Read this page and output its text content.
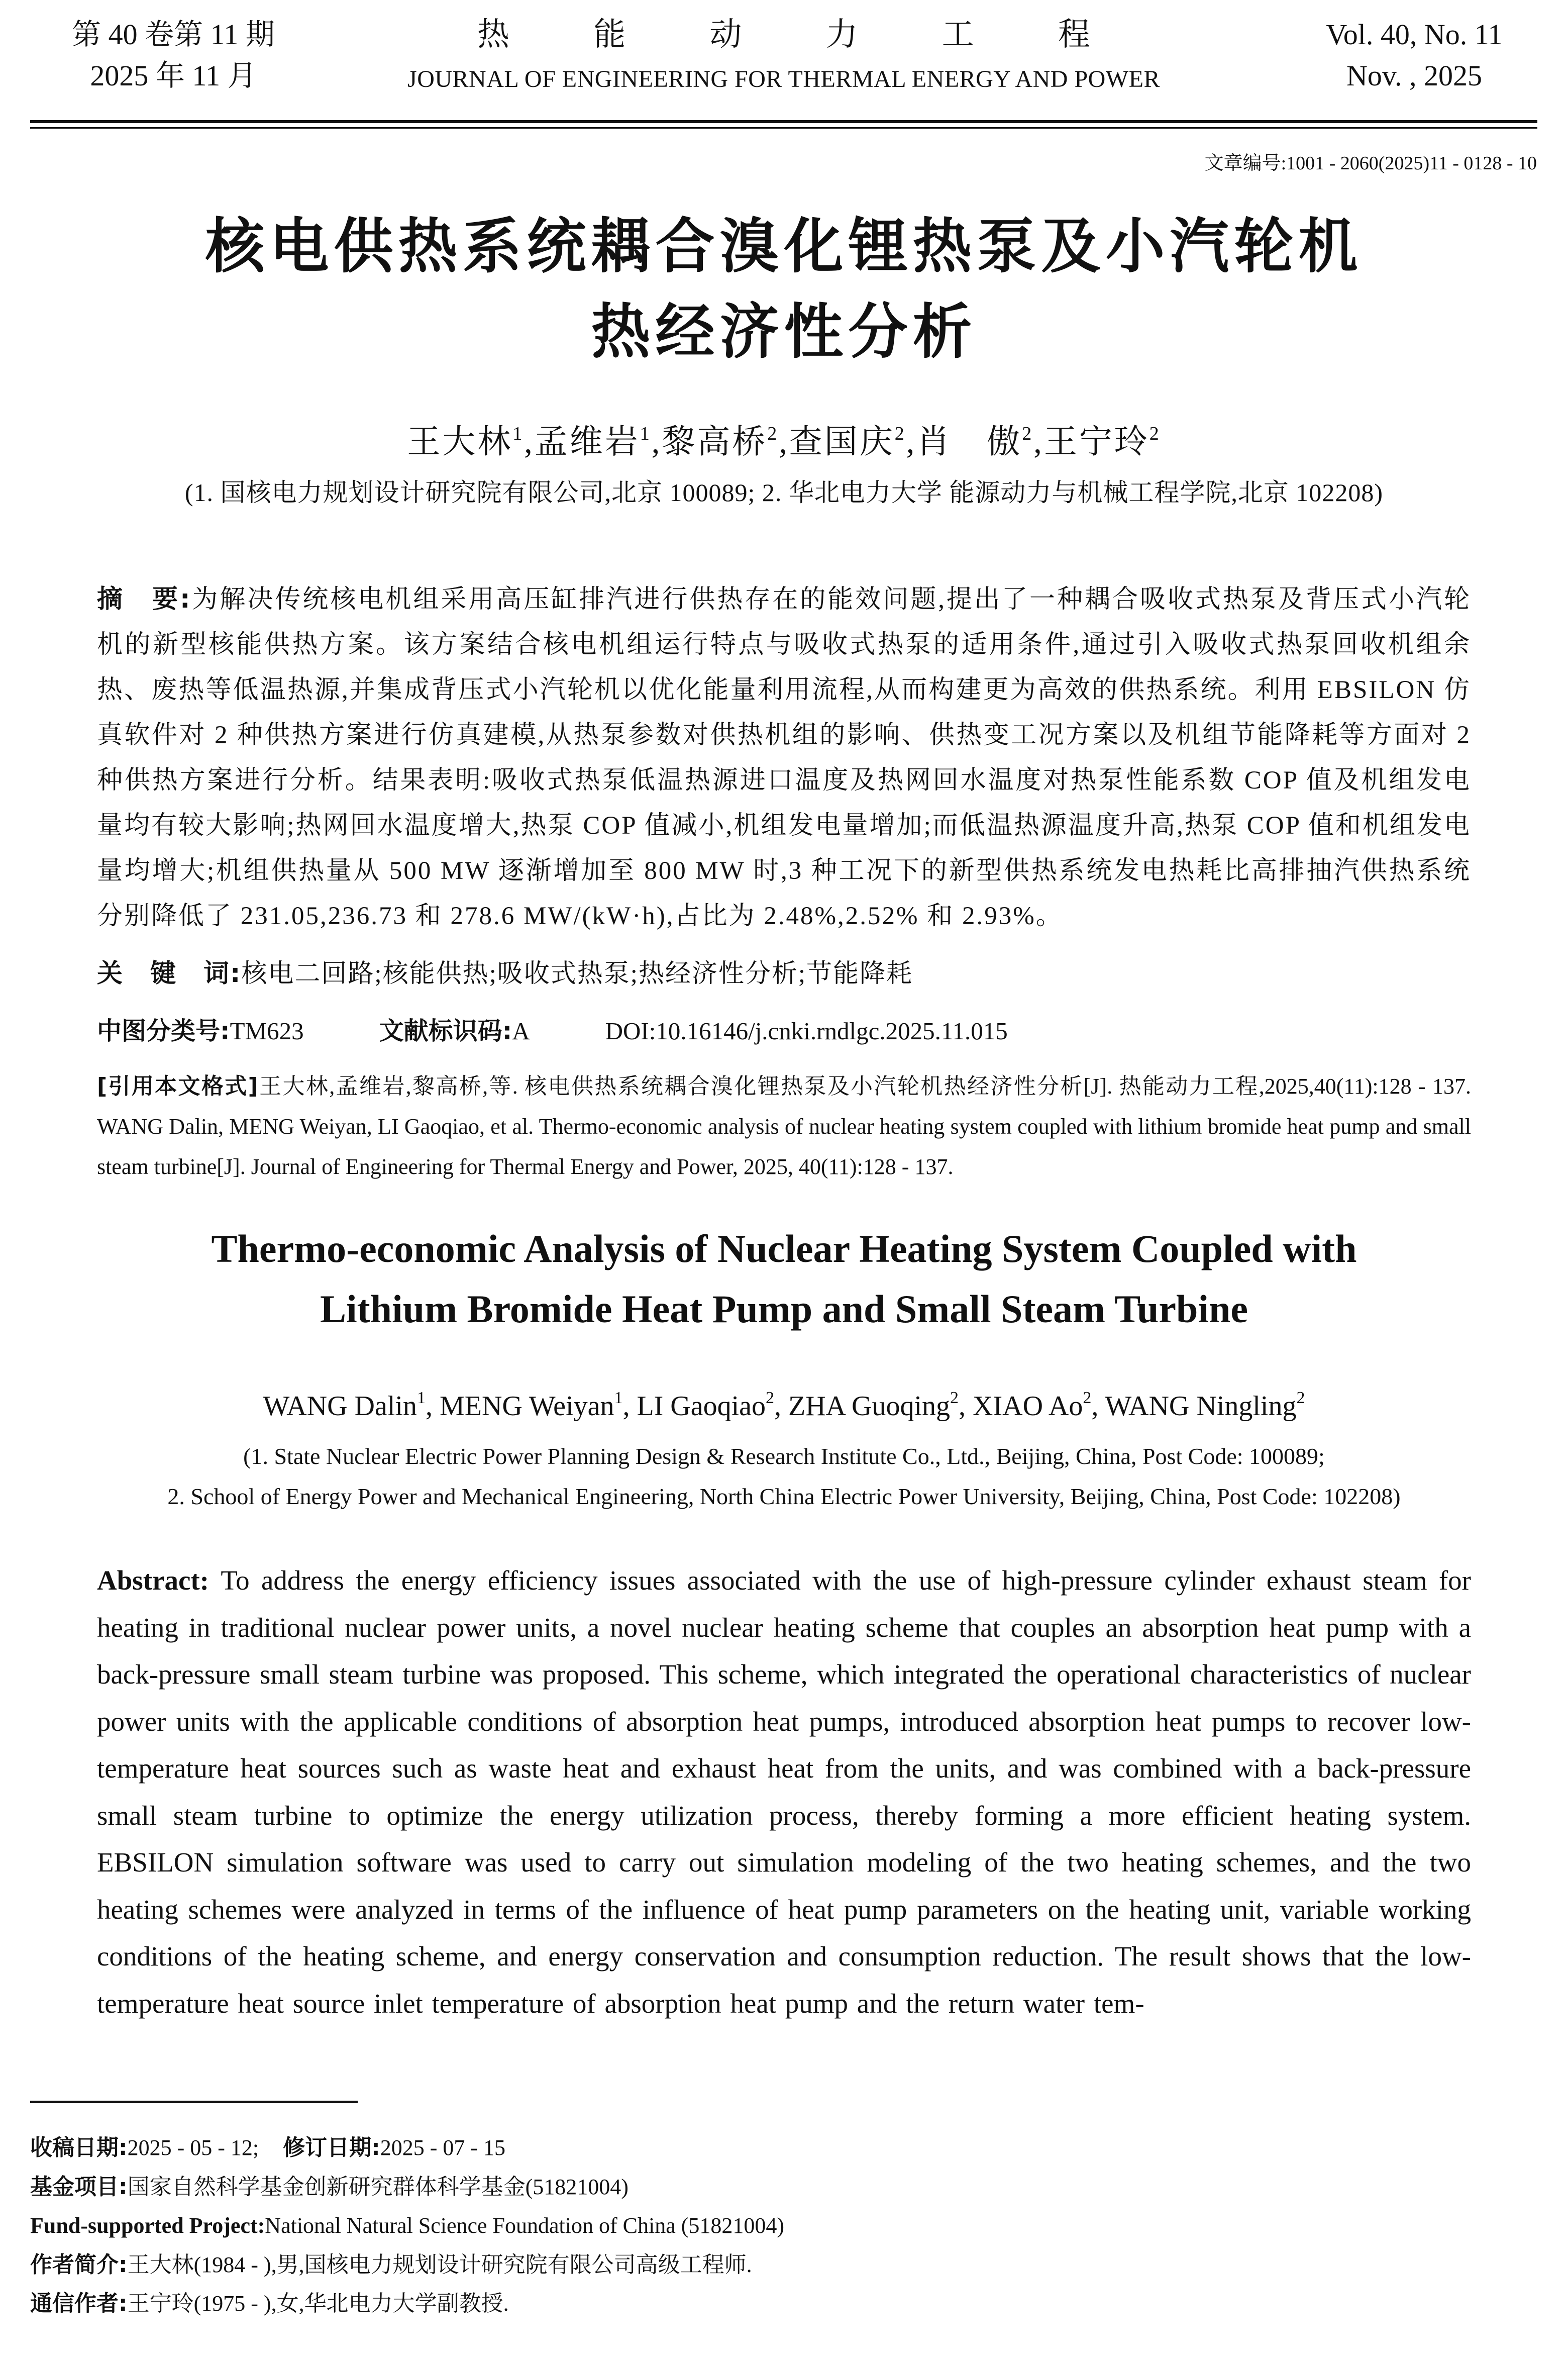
第 40 卷第 11 期
2025 年 11 月
热	能	动	力	工	程
JOURNAL OF ENGINEERING FOR THERMAL ENERGY AND POWER
Vol. 40, No. 11
Nov. , 2025
文章编号:1001 - 2060(2025)11 - 0128 - 10
核电供热系统耦合溴化锂热泵及小汽轮机
热经济性分析
王大林$^1$,孟维岩$^1$,黎高桥$^2$,查国庆$^2$,肖　傲$^2$,王宁玲$^2$
(1. 国核电力规划设计研究院有限公司,北京 100089; 2. 华北电力大学 能源动力与机械工程学院,北京 102208)
摘　要:为解决传统核电机组采用高压缸排汽进行供热存在的能效问题,提出了一种耦合吸收式热泵及背压式小汽轮机的新型核能供热方案。该方案结合核电机组运行特点与吸收式热泵的适用条件,通过引入吸收式热泵回收机组余热、废热等低温热源,并集成背压式小汽轮机以优化能量利用流程,从而构建更为高效的供热系统。利用 EBSILON 仿真软件对 2 种供热方案进行仿真建模,从热泵参数对供热机组的影响、供热变工况方案以及机组节能降耗等方面对 2 种供热方案进行分析。结果表明:吸收式热泵低温热源进口温度及热网回水温度对热泵性能系数 COP 值及机组发电量均有较大影响;热网回水温度增大,热泵 COP 值减小,机组发电量增加;而低温热源温度升高,热泵 COP 值和机组发电量均增大;机组供热量从 500 MW 逐渐增加至 800 MW 时,3 种工况下的新型供热系统发电热耗比高排抽汽供热系统分别降低了 231.05,236.73 和 278.6 MW/(kW·h),占比为 2.48%,2.52% 和 2.93%。
关　键　词:核电二回路;核能供热;吸收式热泵;热经济性分析;节能降耗
中图分类号:TM623	文献标识码:A	DOI:10.16146/j.cnki.rndlgc.2025.11.015
[引用本文格式]王大林,孟维岩,黎高桥,等. 核电供热系统耦合溴化锂热泵及小汽轮机热经济性分析[J]. 热能动力工程,2025,40(11):128 - 137. WANG Dalin, MENG Weiyan, LI Gaoqiao, et al. Thermo-economic analysis of nuclear heating system coupled with lithium bromide heat pump and small steam turbine[J]. Journal of Engineering for Thermal Energy and Power, 2025, 40(11):128 - 137.
Thermo-economic Analysis of Nuclear Heating System Coupled with
Lithium Bromide Heat Pump and Small Steam Turbine
WANG Dalin$^1$, MENG Weiyan$^1$, LI Gaoqiao$^2$, ZHA Guoqing$^2$, XIAO Ao$^2$, WANG Ningling$^2$
(1. State Nuclear Electric Power Planning Design & Research Institute Co., Ltd., Beijing, China, Post Code: 100089;
2. School of Energy Power and Mechanical Engineering, North China Electric Power University, Beijing, China, Post Code: 102208)
Abstract: To address the energy efficiency issues associated with the use of high-pressure cylinder exhaust steam for heating in traditional nuclear power units, a novel nuclear heating scheme that couples an absorption heat pump with a back-pressure small steam turbine was proposed. This scheme, which integrated the operational characteristics of nuclear power units with the applicable conditions of absorption heat pumps, introduced absorption heat pumps to recover low-temperature heat sources such as waste heat and exhaust heat from the units, and was combined with a back-pressure small steam turbine to optimize the energy utilization process, thereby forming a more efficient heating system. EBSILON simulation software was used to carry out simulation modeling of the two heating schemes, and the two heating schemes were analyzed in terms of the influence of heat pump parameters on the heating unit, variable working conditions of the heating scheme, and energy conservation and consumption reduction. The result shows that the low-temperature heat source inlet temperature of absorption heat pump and the return water tem-
收稿日期:2025 - 05 - 12; 修订日期:2025 - 07 - 15
基金项目:国家自然科学基金创新研究群体科学基金(51821004)
Fund-supported Project:National Natural Science Foundation of China (51821004)
作者简介:王大林(1984 - ),男,国核电力规划设计研究院有限公司高级工程师.
通信作者:王宁玲(1975 - ),女,华北电力大学副教授.
